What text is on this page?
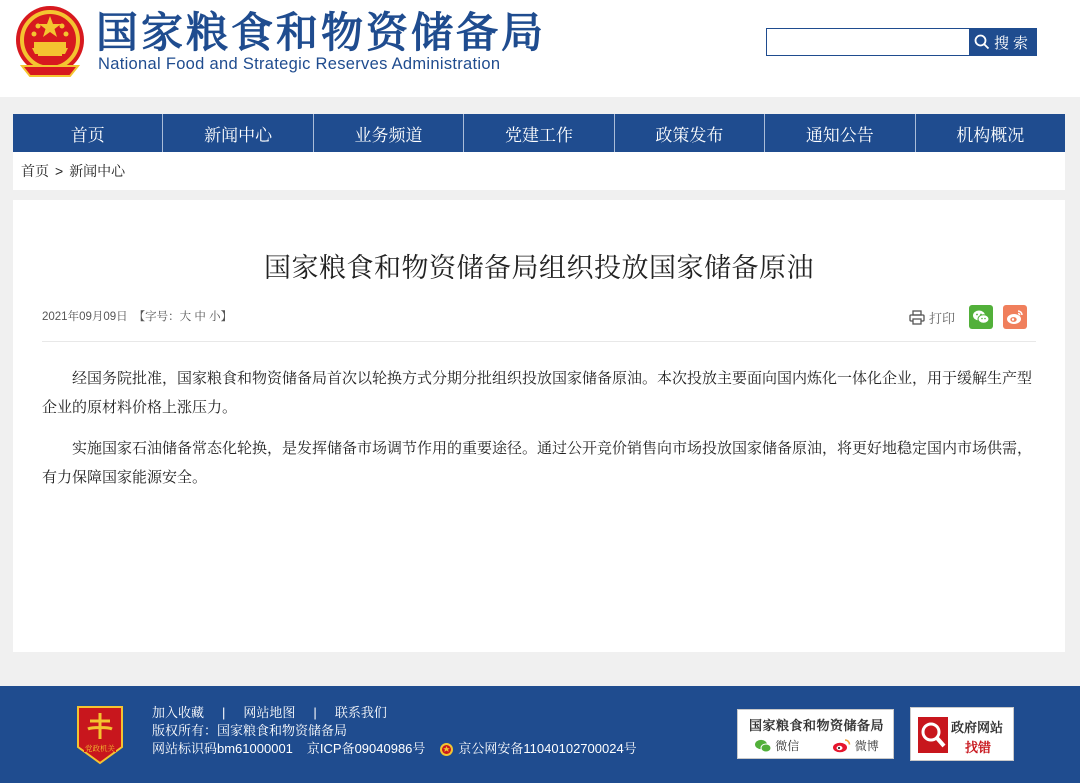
国家粮食和物资储备局
National Food and Strategic Reserves Administration
搜索
首页	新闻中心	业务频道	党建工作	政策发布	通知公告	机构概况
首页 > 新闻中心
国家粮食和物资储备局组织投放国家储备原油
2021年09月09日 【字号：大 中 小】	打印

经国务院批准，国家粮食和物资储备局首次以轮换方式分期分批组织投放国家储备原油。本次投放主要面向国内炼化一体化企业，用于缓解生产型企业的原材料价格上涨压力。

实施国家石油储备常态化轮换，是发挥储备市场调节作用的重要途径。通过公开竞价销售向市场投放国家储备原油，将更好地稳定国内市场供需，有力保障国家能源安全。

党政机关
加入收藏 | 网站地图 | 联系我们
版权所有：国家粮食和物资储备局
网站标识码bm61000001 京ICP备09040986号	京公网安备11040102700024号
国家粮食和物资储备局
微信	微博
政府网站
找错
